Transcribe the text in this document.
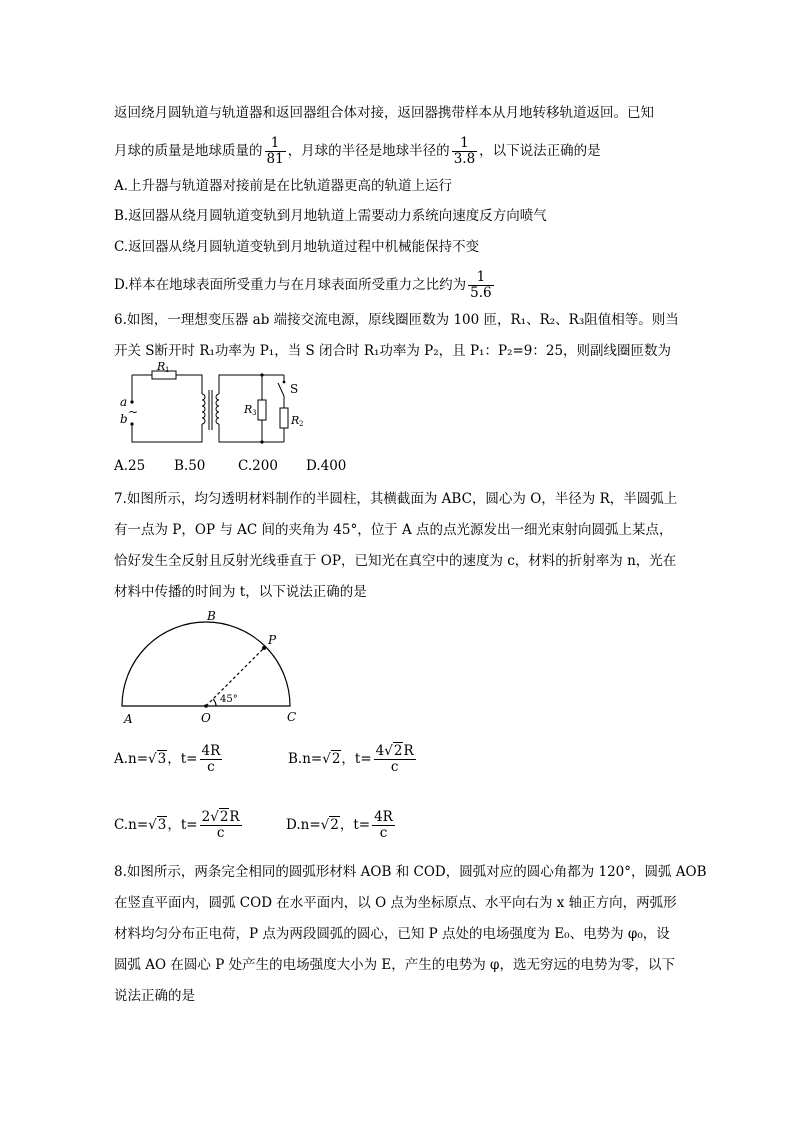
返回绕月圆轨道与轨道器和返回器组合体对接，返回器携带样本从月地转移轨道返回。已知
月球的质量是地球质量的 $\frac{1}{81}$ ，月球的半径是地球半径的 $\frac{1}{3.8}$ ，以下说法正确的是
A.上升器与轨道器对接前是在比轨道器更高的轨道上运行
B.返回器从绕月圆轨道变轨到月地轨道上需要动力系统向速度反方向喷气
C.返回器从绕月圆轨道变轨到月地轨道过程中机械能保持不变
D.样本在地球表面所受重力与在月球表面所受重力之比约为 $\frac{1}{5.6}$
6.如图，一理想变压器 ab 端接交流电源，原线圈匝数为 100 匝，R₁、R₂、R₃阻值相等。则当
开关 S断开时 R₁功率为 P₁，当 S 闭合时 R₁功率为 P₂，且 P₁：P₂=9：25，则副线圈匝数为
a
b ~
R 1
R 3
R 2
S
A.25 B.50 C.200 D.400
7.如图所示，均匀透明材料制作的半圆柱，其横截面为 ABC，圆心为 O，半径为 R，半圆弧上
有一点为 P，OP 与 AC 间的夹角为 45°，位于 A 点的点光源发出一细光束射向圆弧上某点，
恰好发生全反射且反射光线垂直于 OP，已知光在真空中的速度为 c，材料的折射率为 n，光在
材料中传播的时间为 t，以下说法正确的是
B
P
45°
A	O	C
A.n=√3，$t= \frac{4R}{c}$	B.n=√2，$t= \frac{4√2R}{c}$
C.n=√3，$t= \frac{2√2R}{c}$	D.n=√2，$t= \frac{4R}{c}$
8.如图所示，两条完全相同的圆弧形材料 AOB 和 COD，圆弧对应的圆心角都为 120°，圆弧 AOB
在竖直平面内，圆弧 COD 在水平面内，以 O 点为坐标原点、水平向右为 x 轴正方向，两弧形
材料均匀分布正电荷，P 点为两段圆弧的圆心，已知 P 点处的电场强度为 E₀、电势为 φ₀，设
圆弧 AO 在圆心 P 处产生的电场强度大小为 E，产生的电势为 φ，选无穷远的电势为零，以下
说法正确的是
